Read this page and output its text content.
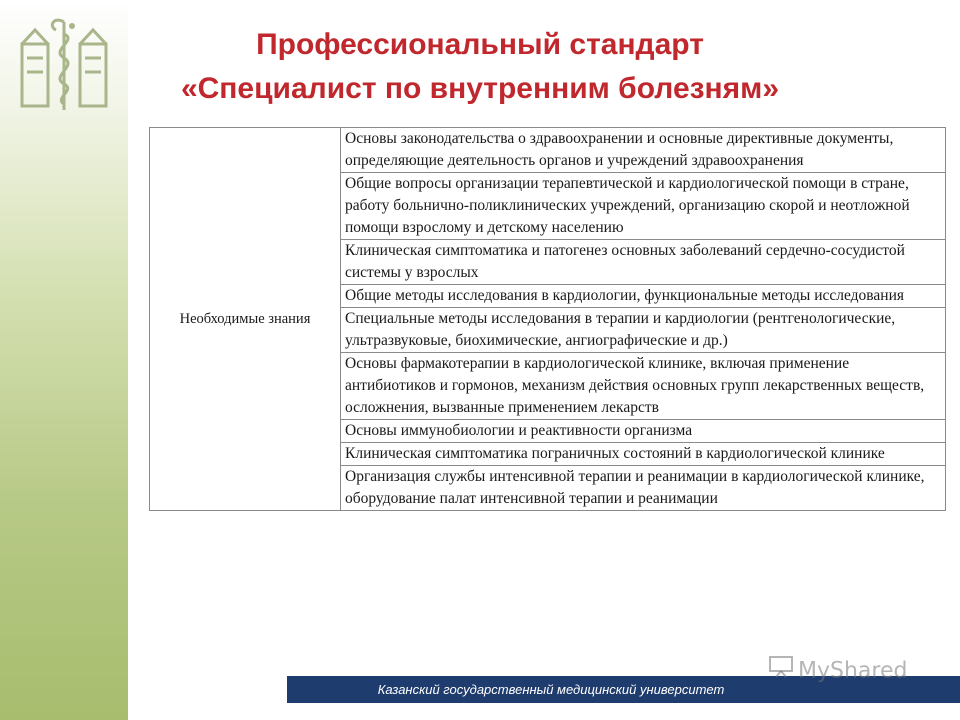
Профессиональный стандарт
«Специалист по внутренним болезням»
Необходимые знания	Основы законодательства о здравоохранении и основные директивные документы, определяющие деятельность органов и учреждений здравоохранения
Общие вопросы организации терапевтической и кардиологической помощи в стране, работу больнично-поликлинических учреждений, организацию скорой и неотложной помощи взрослому и детскому населению
Клиническая симптоматика и патогенез основных заболеваний сердечно-сосудистой системы у взрослых
Общие методы исследования в кардиологии, функциональные методы исследования
Специальные методы исследования в терапии и кардиологии (рентгенологические, ультразвуковые, биохимические, ангиографические и др.)
Основы фармакотерапии в кардиологической клинике, включая применение антибиотиков и гормонов, механизм действия основных групп лекарственных веществ, осложнения, вызванные применением лекарств
Основы иммунобиологии и реактивности организма
Клиническая симптоматика пограничных состояний в кардиологической клинике
Организация службы интенсивной терапии и реанимации в кардиологической клинике, оборудование палат интенсивной терапии и реанимации
Казанский государственный медицинский университет
MyShared
